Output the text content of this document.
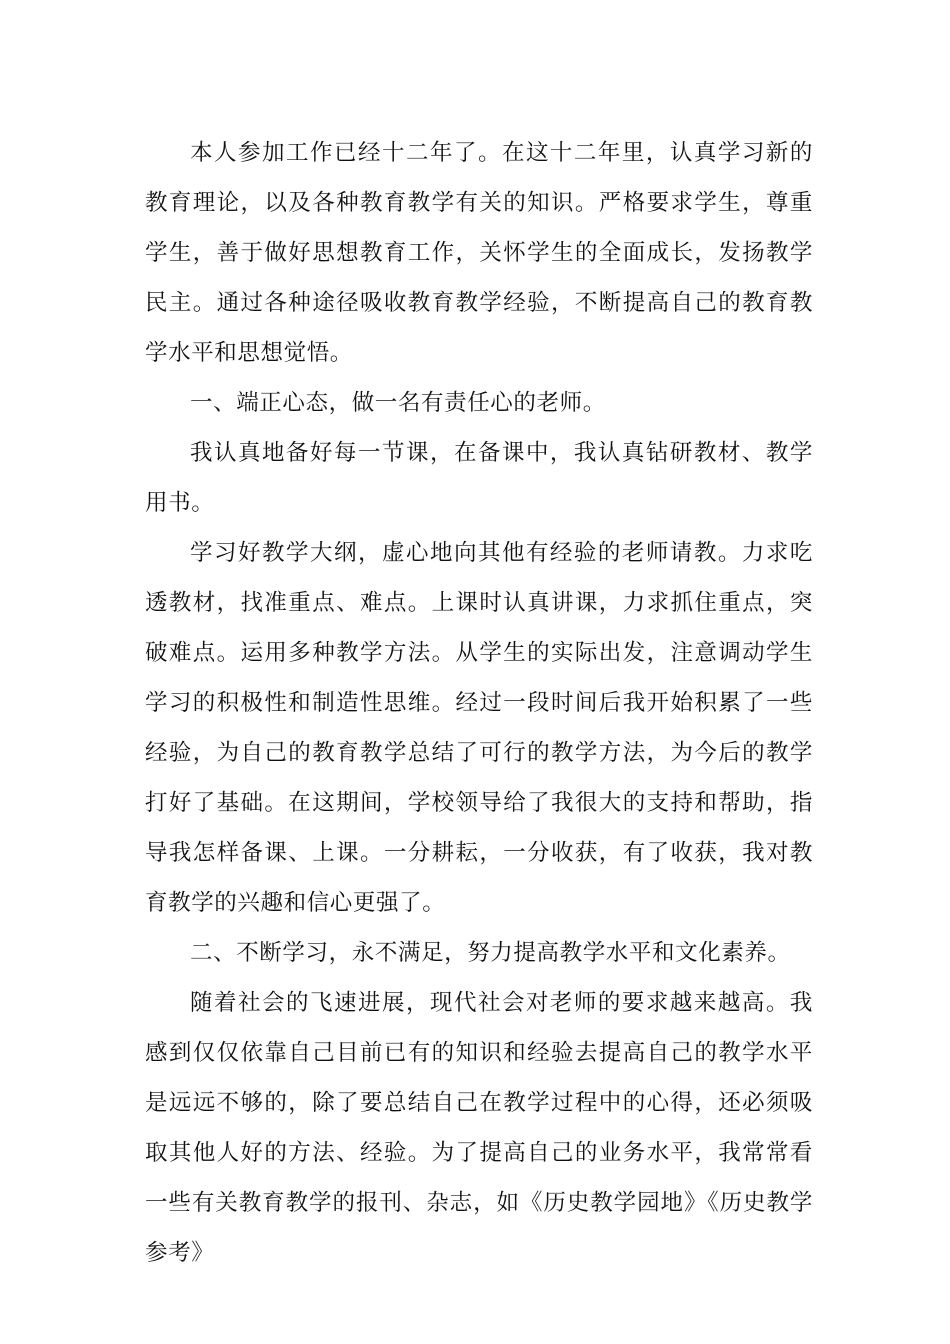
本人参加工作已经十二年了。在这十二年里，认真学习新的教育理论，以及各种教育教学有关的知识。严格要求学生，尊重学生，善于做好思想教育工作，关怀学生的全面成长，发扬教学民主。通过各种途径吸收教育教学经验，不断提高自己的教育教学水平和思想觉悟。

一、端正心态，做一名有责任心的老师。

我认真地备好每一节课，在备课中，我认真钻研教材、教学用书。

学习好教学大纲，虚心地向其他有经验的老师请教。力求吃透教材，找准重点、难点。上课时认真讲课，力求抓住重点，突破难点。运用多种教学方法。从学生的实际出发，注意调动学生学习的积极性和制造性思维。经过一段时间后我开始积累了一些经验，为自己的教育教学总结了可行的教学方法，为今后的教学打好了基础。在这期间，学校领导给了我很大的支持和帮助，指导我怎样备课、上课。一分耕耘，一分收获，有了收获，我对教育教学的兴趣和信心更强了。

二、不断学习，永不满足，努力提高教学水平和文化素养。

随着社会的飞速进展，现代社会对老师的要求越来越高。我感到仅仅依靠自己目前已有的知识和经验去提高自己的教学水平是远远不够的，除了要总结自己在教学过程中的心得，还必须吸取其他人好的方法、经验。为了提高自己的业务水平，我常常看一些有关教育教学的报刊、杂志，如《历史教学园地》《历史教学参考》
